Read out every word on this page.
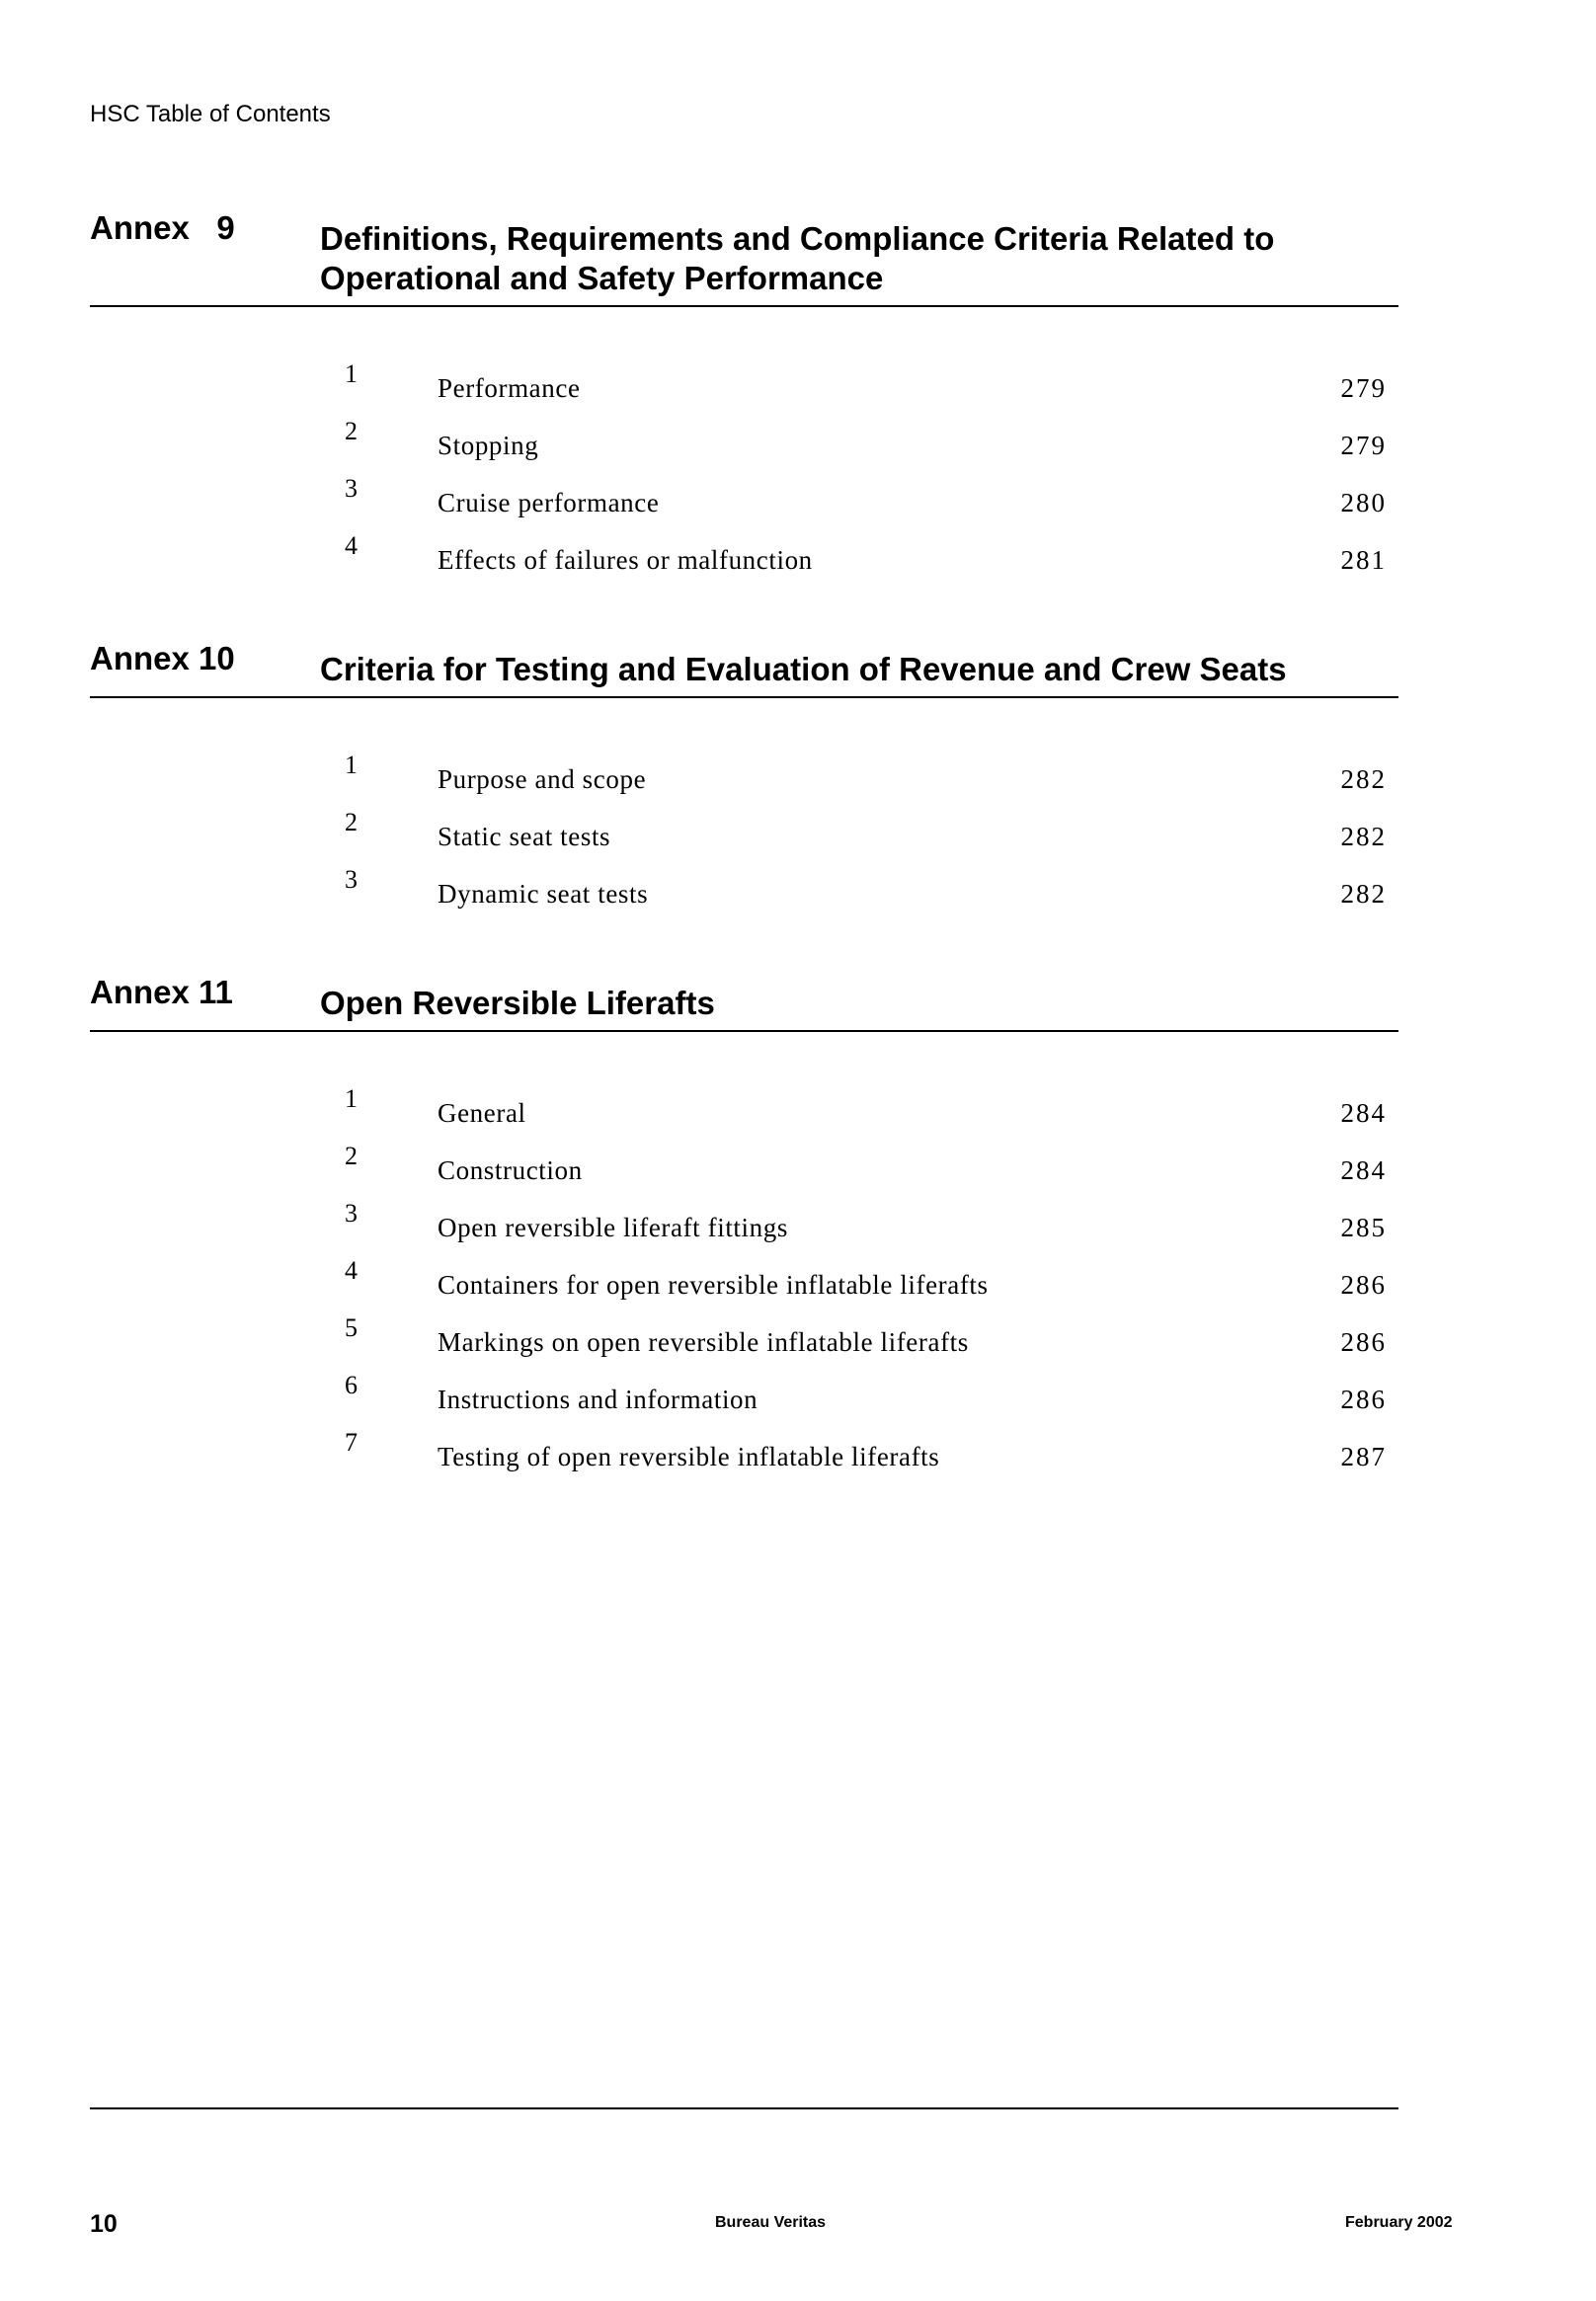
HSC Table of Contents
Annex   9	Definitions, Requirements and Compliance Criteria Related to
Operational and Safety Performance
1	Performance	279
2	Stopping	279
3	Cruise performance	280
4	Effects of failures or malfunction	281
Annex 10	Criteria for Testing and Evaluation of Revenue and Crew Seats
1	Purpose and scope	282
2	Static seat tests	282
3	Dynamic seat tests	282
Annex 11	Open Reversible Liferafts
1	General	284
2	Construction	284
3	Open reversible liferaft fittings	285
4	Containers for open reversible inflatable liferafts	286
5	Markings on open reversible inflatable liferafts	286
6	Instructions and information	286
7	Testing of open reversible inflatable liferafts	287
10	Bureau Veritas	February 2002
